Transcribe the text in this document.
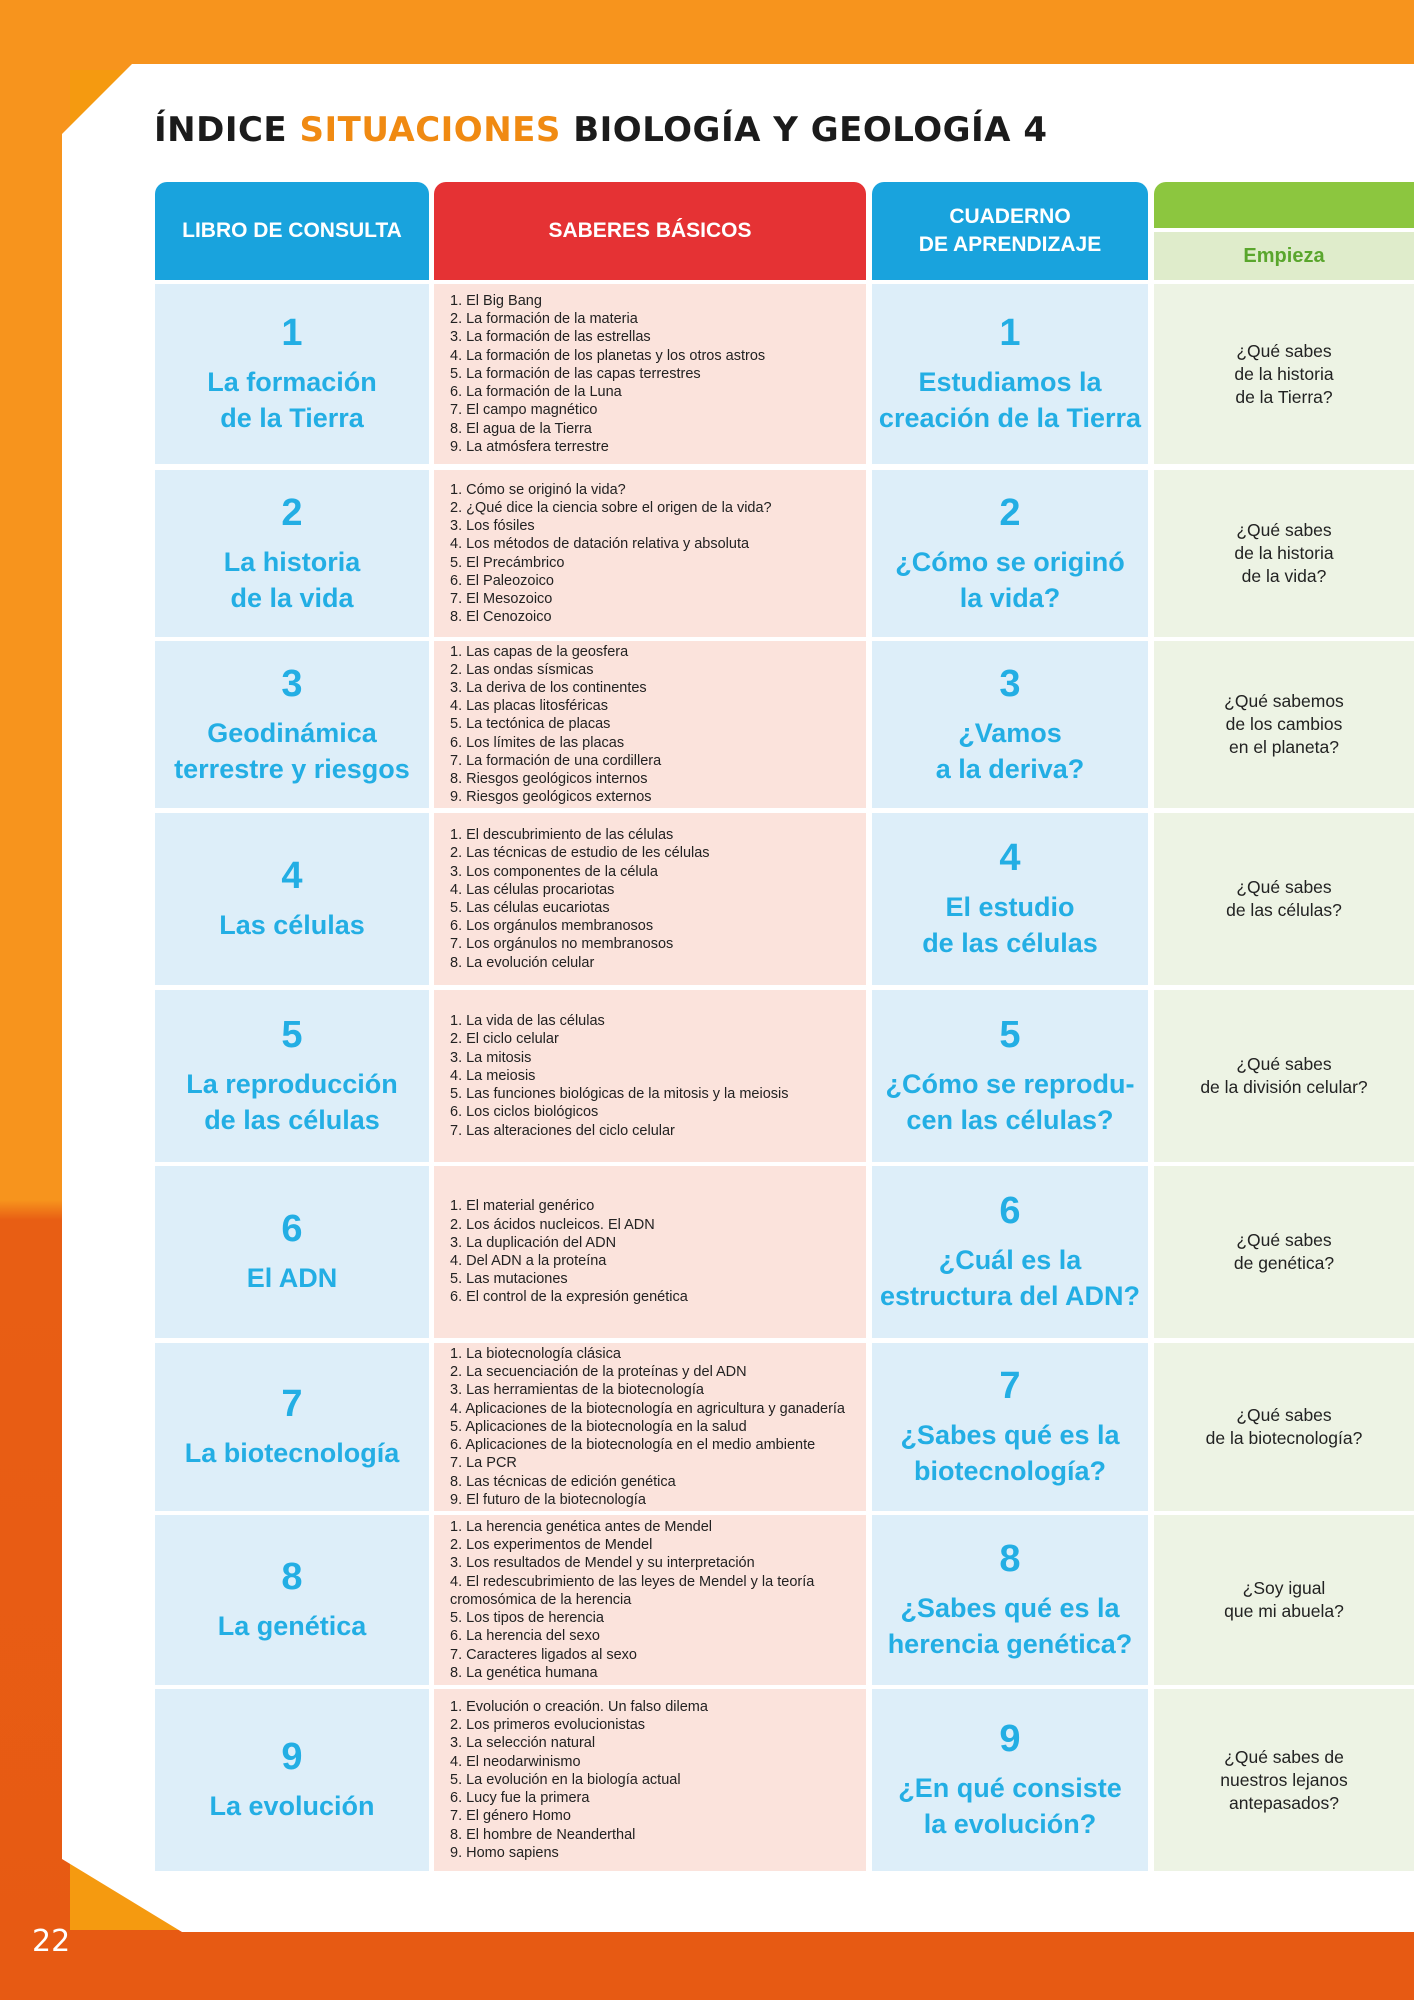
22
ÍNDICE SITUACIONES BIOLOGÍA Y GEOLOGÍA 4
LIBRO DE CONSULTA	SABERES BÁSICOS
CUADERNO
DE APRENDIZAJE	Empieza
1
La formación
de la Tierra
1. El Big Bang
2. La formación de la materia
3. La formación de las estrellas
4. La formación de los planetas y los otros astros
5. La formación de las capas terrestres
6. La formación de la Luna
7. El campo magnético
8. El agua de la Tierra
9. La atmósfera terrestre
1
Estudiamos la
creación de la Tierra
¿Qué sabes
de la historia
de la Tierra?
2
La historia
de la vida
1. Cómo se originó la vida?
2. ¿Qué dice la ciencia sobre el origen de la vida?
3. Los fósiles
4. Los métodos de datación relativa y absoluta
5. El Precámbrico
6. El Paleozoico
7. El Mesozoico
8. El Cenozoico
2
¿Cómo se originó
la vida?
¿Qué sabes
de la historia
de la vida?
3
Geodinámica
terrestre y riesgos
1. Las capas de la geosfera
2. Las ondas sísmicas
3. La deriva de los continentes
4. Las placas litosféricas
5. La tectónica de placas
6. Los límites de las placas
7. La formación de una cordillera
8. Riesgos geológicos internos
9. Riesgos geológicos externos
3
¿Vamos
a la deriva?
¿Qué sabemos
de los cambios
en el planeta?
4
Las células
1. El descubrimiento de las células
2. Las técnicas de estudio de les células
3. Los componentes de la célula
4. Las células procariotas
5. Las células eucariotas
6. Los orgánulos membranosos
7. Los orgánulos no membranosos
8. La evolución celular
4
El estudio
de las células
¿Qué sabes
de las células?
5
La reproducción
de las células
1. La vida de las células
2. El ciclo celular
3. La mitosis
4. La meiosis
5. Las funciones biológicas de la mitosis y la meiosis
6. Los ciclos biológicos
7. Las alteraciones del ciclo celular
5
¿Cómo se reprodu-
cen las células?
¿Qué sabes
de la división celular?
6
El ADN
1. El material genérico
2. Los ácidos nucleicos. El ADN
3. La duplicación del ADN
4. Del ADN a la proteína
5. Las mutaciones
6. El control de la expresión genética
6
¿Cuál es la
estructura del ADN?
¿Qué sabes
de genética?
7
La biotecnología
1. La biotecnología clásica
2. La secuenciación de la proteínas y del ADN
3. Las herramientas de la biotecnología
4. Aplicaciones de la biotecnología en agricultura y ganadería
5. Aplicaciones de la biotecnología en la salud
6. Aplicaciones de la biotecnología en el medio ambiente
7. La PCR
8. Las técnicas de edición genética
9. El futuro de la biotecnología
7
¿Sabes qué es la
biotecnología?
¿Qué sabes
de la biotecnología?
8
La genética
1. La herencia genética antes de Mendel
2. Los experimentos de Mendel
3. Los resultados de Mendel y su interpretación
4. El redescubrimiento de las leyes de Mendel y la teoría
cromosómica de la herencia
5. Los tipos de herencia
6. La herencia del sexo
7. Caracteres ligados al sexo
8. La genética humana
8
¿Sabes qué es la
herencia genética?
¿Soy igual
que mi abuela?
9
La evolución
1. Evolución o creación. Un falso dilema
2. Los primeros evolucionistas
3. La selección natural
4. El neodarwinismo
5. La evolución en la biología actual
6. Lucy fue la primera
7. El género Homo
8. El hombre de Neanderthal
9. Homo sapiens
9
¿En qué consiste
la evolución?
¿Qué sabes de
nuestros lejanos
antepasados?
